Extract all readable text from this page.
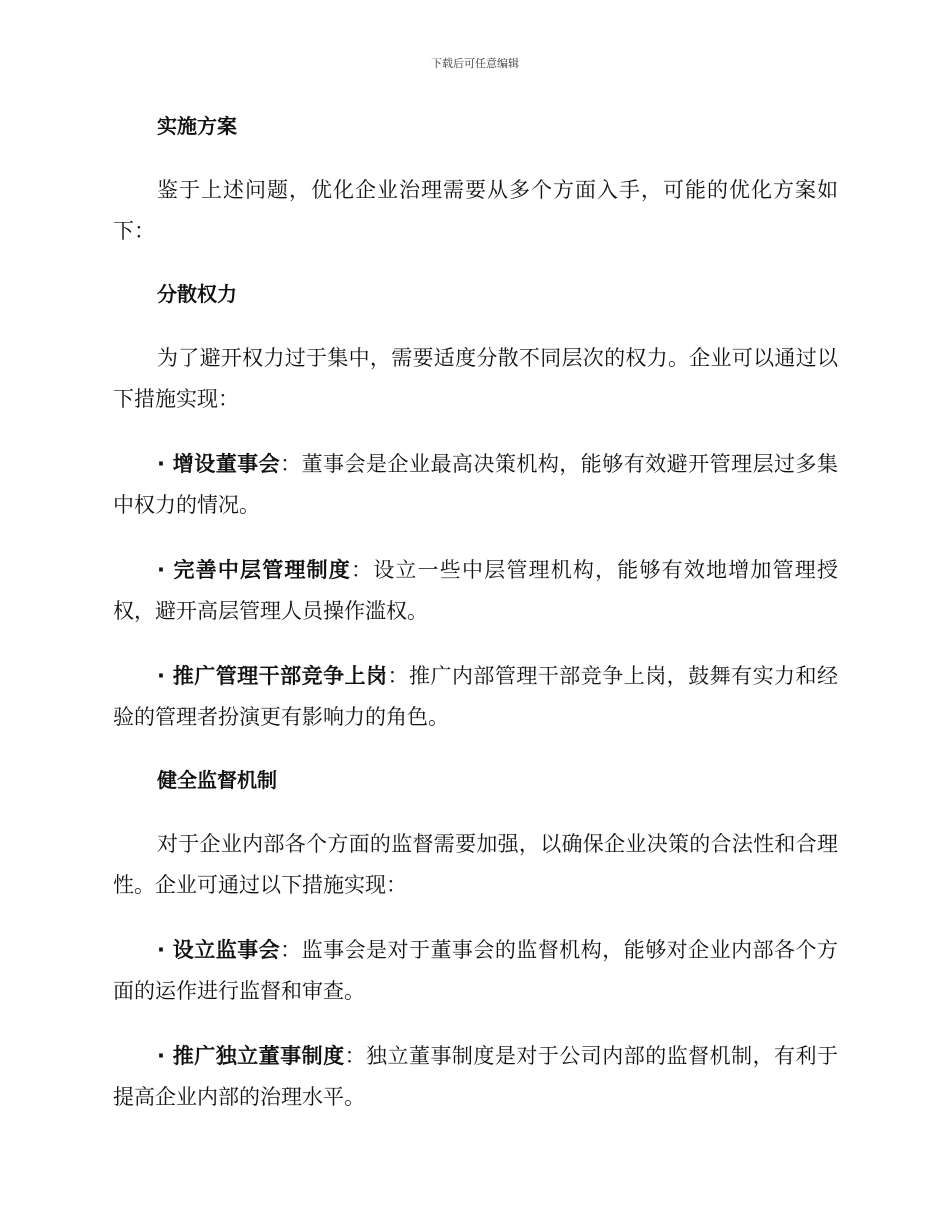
下载后可任意编辑
实施方案

鉴于上述问题，优化企业治理需要从多个方面入手，可能的优化方案如下：

分散权力

为了避开权力过于集中，需要适度分散不同层次的权力。企业可以通过以下措施实现：

· 增设董事会：董事会是企业最高决策机构，能够有效避开管理层过多集中权力的情况。

· 完善中层管理制度：设立一些中层管理机构，能够有效地增加管理授权，避开高层管理人员操作滥权。

· 推广管理干部竞争上岗：推广内部管理干部竞争上岗，鼓舞有实力和经验的管理者扮演更有影响力的角色。

健全监督机制

对于企业内部各个方面的监督需要加强，以确保企业决策的合法性和合理性。企业可通过以下措施实现：

· 设立监事会：监事会是对于董事会的监督机构，能够对企业内部各个方面的运作进行监督和审查。

· 推广独立董事制度：独立董事制度是对于公司内部的监督机制，有利于提高企业内部的治理水平。
